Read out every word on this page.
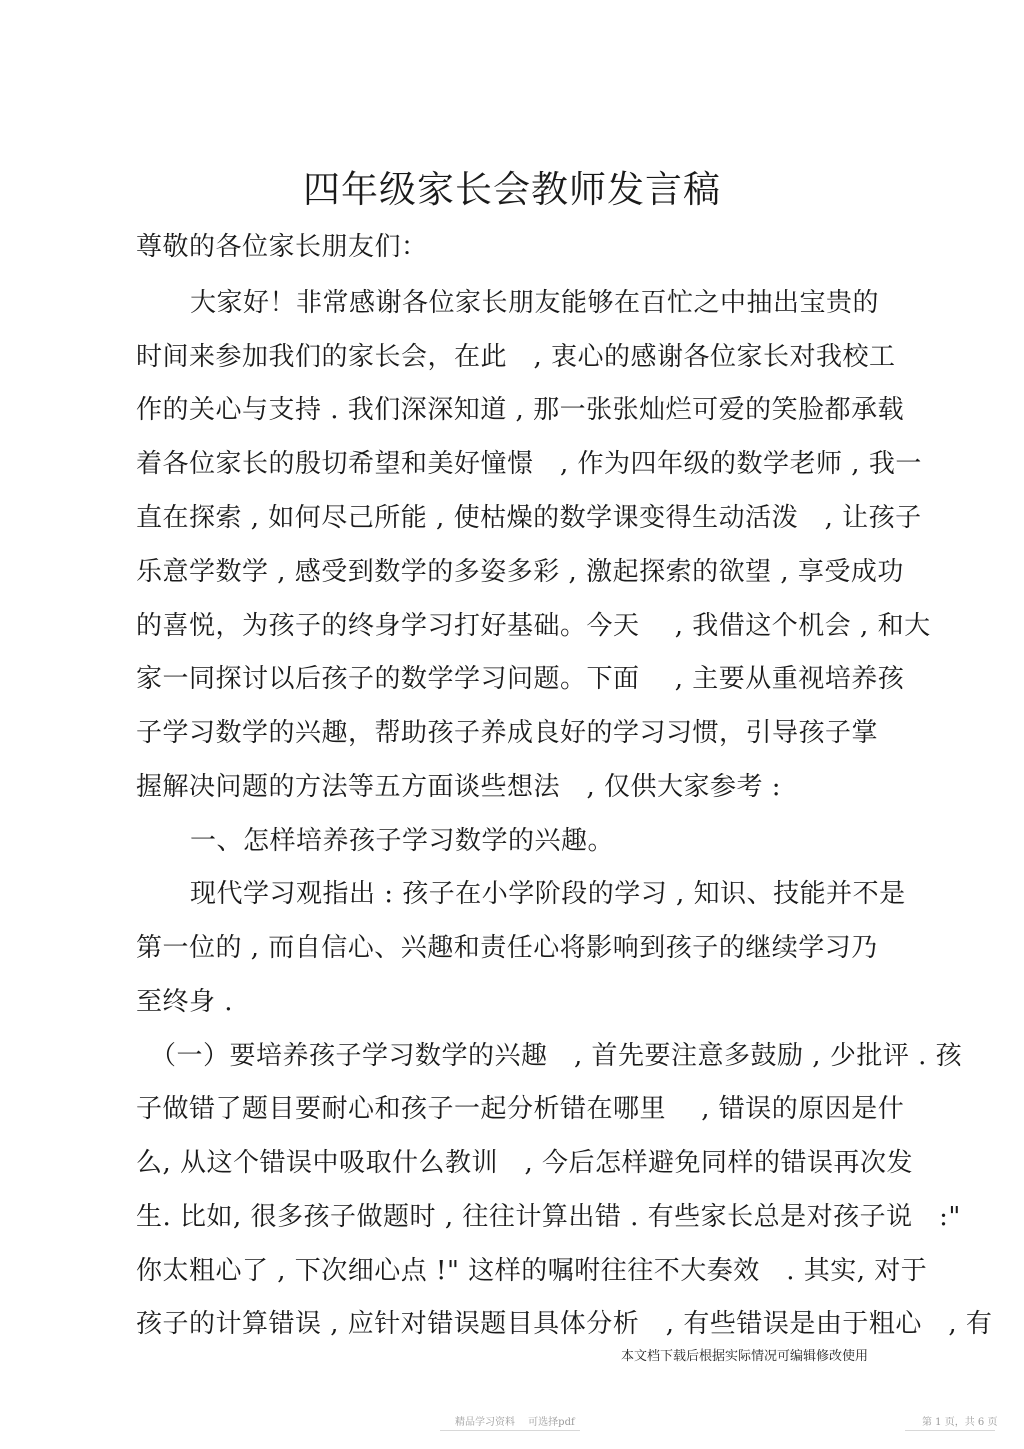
四年级家长会教师发言稿
尊敬的各位家长朋友们：
大家好！非常感谢各位家长朋友能够在百忙之中抽出宝贵的
时间来参加我们的家长会，在此　, 衷心的感谢各位家长对我校工
作的关心与支持 . 我们深深知道 , 那一张张灿烂可爱的笑脸都承载
着各位家长的殷切希望和美好憧憬　, 作为四年级的数学老师 , 我一
直在探索 , 如何尽己所能 , 使枯燥的数学课变得生动活泼　, 让孩子
乐意学数学 , 感受到数学的多姿多彩 , 激起探索的欲望 , 享受成功
的喜悦，为孩子的终身学习打好基础。今天　 , 我借这个机会 , 和大
家一同探讨以后孩子的数学学习问题。下面　 , 主要从重视培养孩
子学习数学的兴趣，帮助孩子养成良好的学习习惯，引导孩子掌
握解决问题的方法等五方面谈些想法　, 仅供大家参考 :
一、怎样培养孩子学习数学的兴趣。
现代学习观指出 : 孩子在小学阶段的学习 , 知识、技能并不是
第一位的 , 而自信心、兴趣和责任心将影响到孩子的继续学习乃
至终身 .
（一）要培养孩子学习数学的兴趣　, 首先要注意多鼓励 , 少批评 . 孩
子做错了题目要耐心和孩子一起分析错在哪里　 , 错误的原因是什
么, 从这个错误中吸取什么教训　, 今后怎样避免同样的错误再次发
生. 比如, 很多孩子做题时 , 往往计算出错 . 有些家长总是对孩子说　:"
你太粗心了 , 下次细心点 !" 这样的嘱咐往往不大奏效　. 其实, 对于
孩子的计算错误 , 应针对错误题目具体分析　, 有些错误是由于粗心　, 有
本文档下载后根据实际情况可编辑修改使用
精品学习资料　 可选择pdf	第 1 页，共 6 页
